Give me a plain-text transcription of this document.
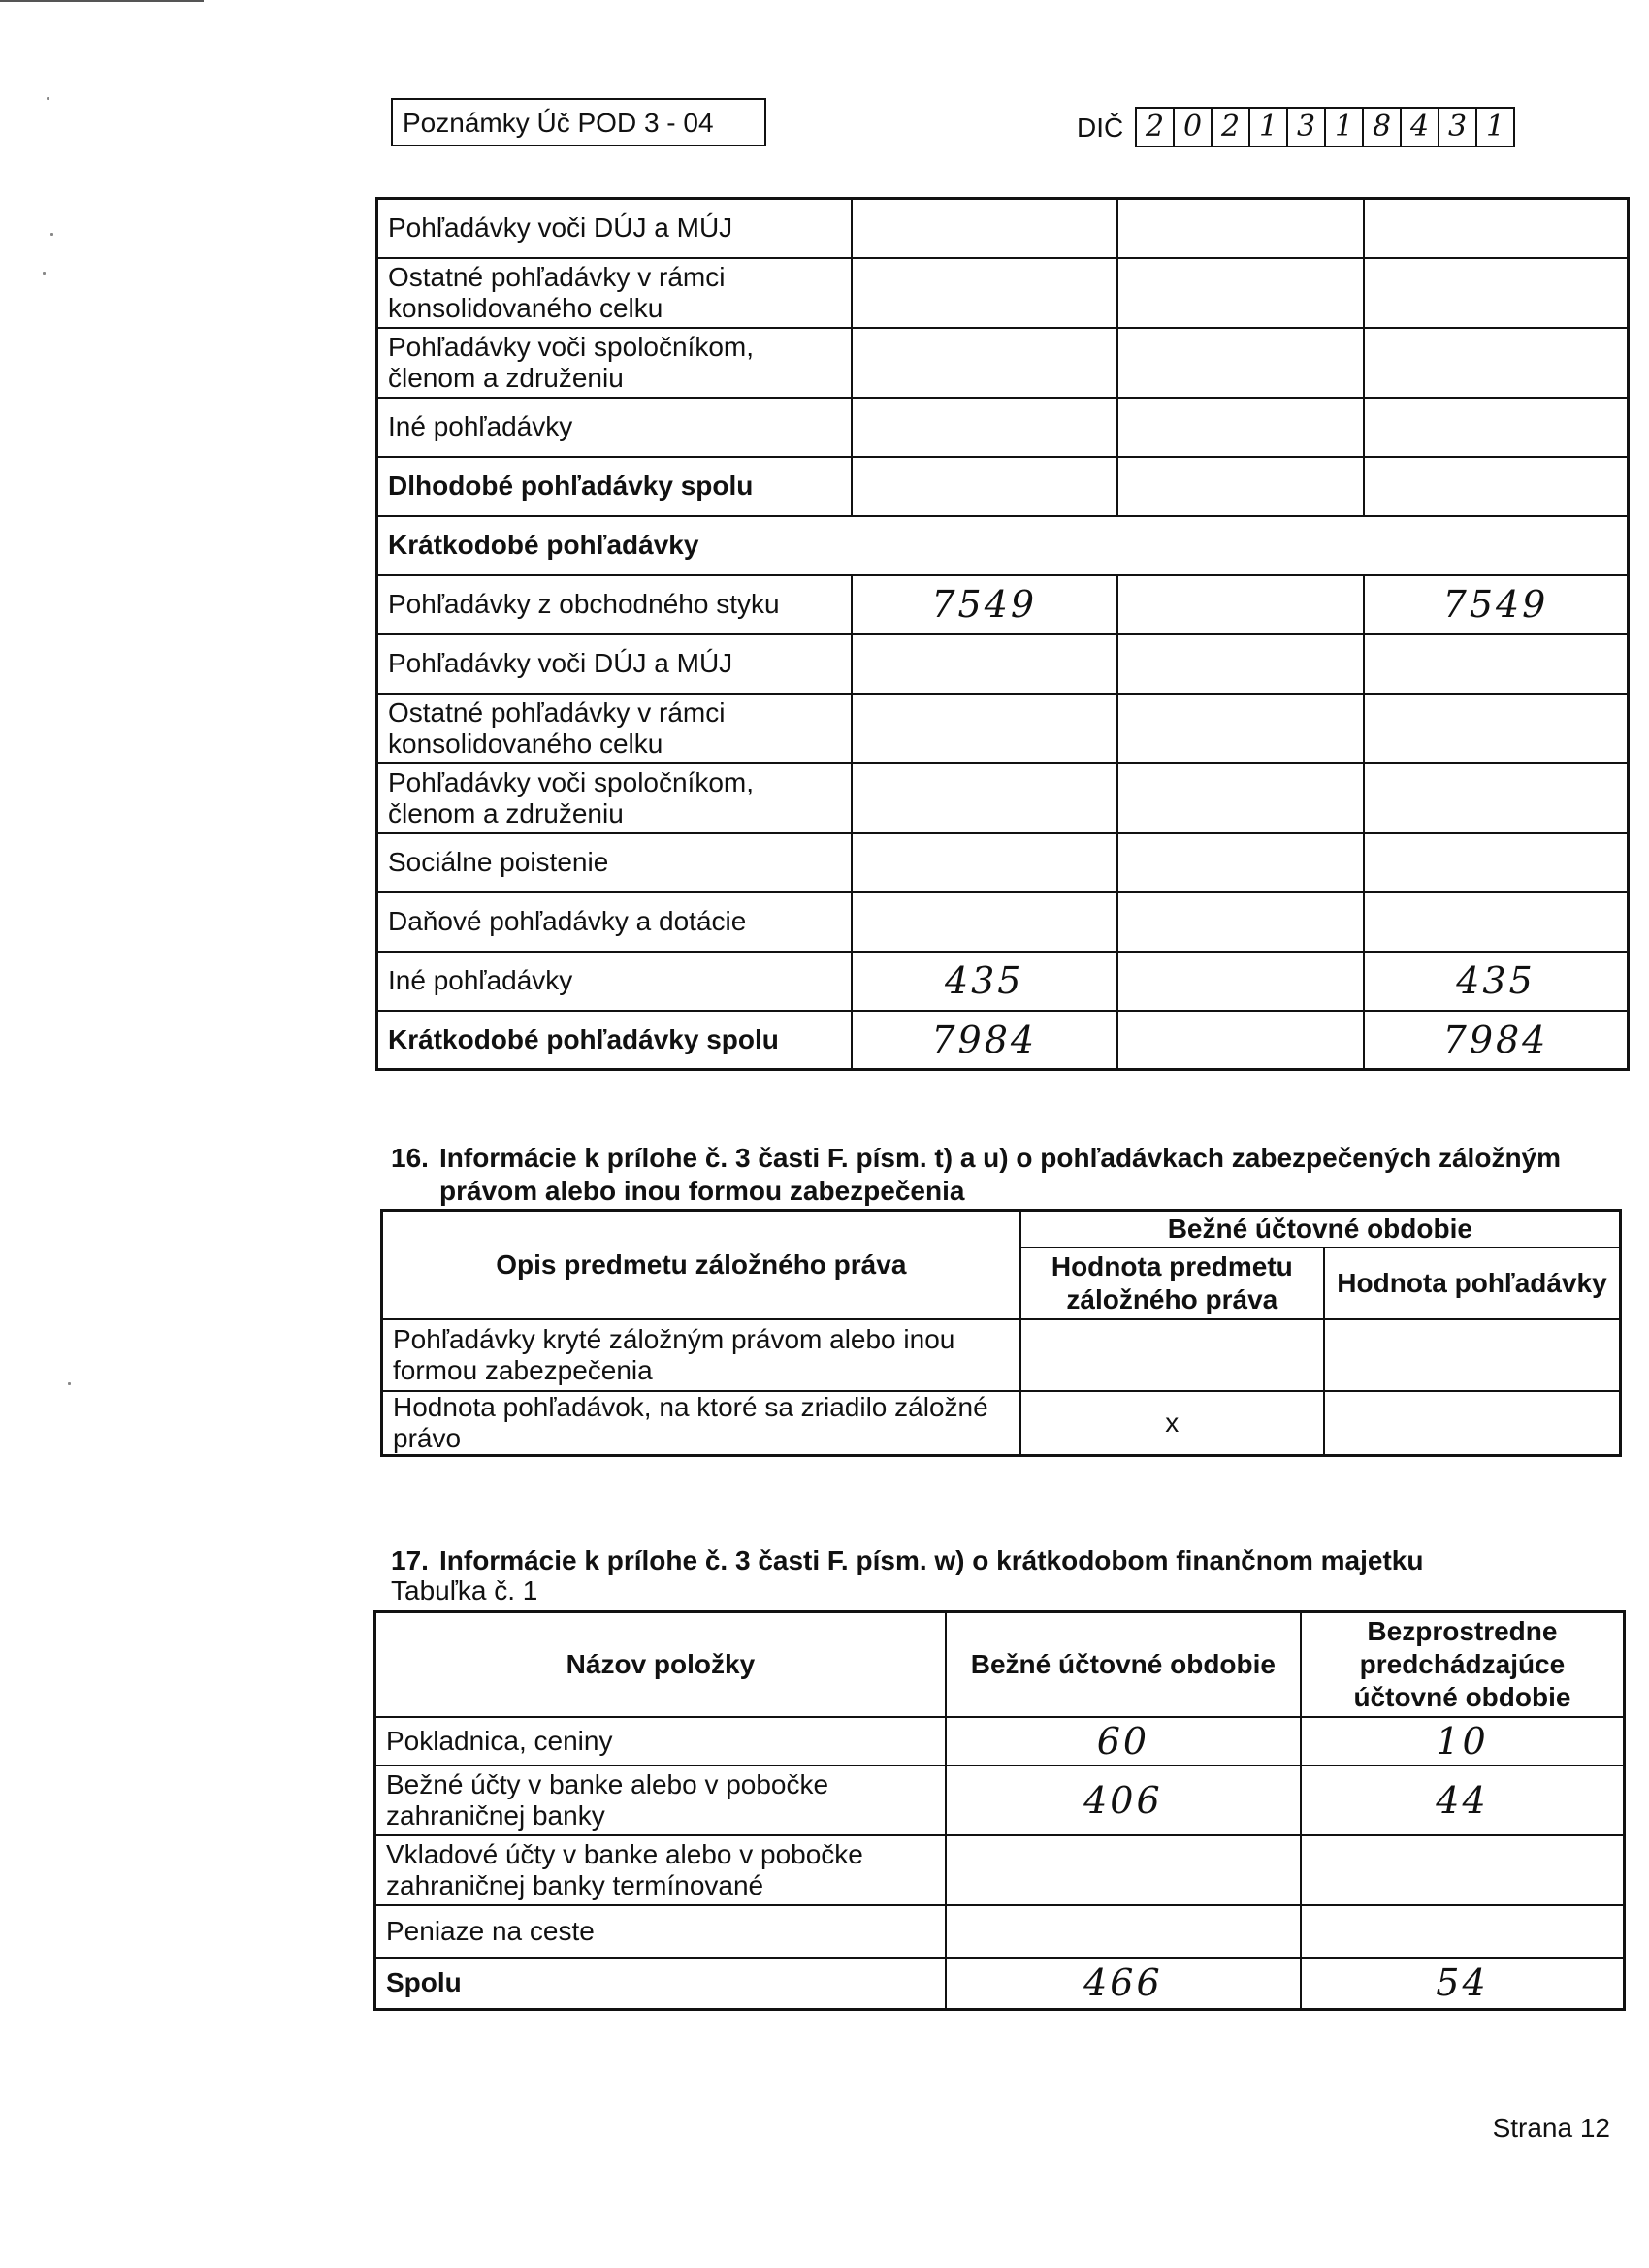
Poznámky Úč POD 3 - 04	DIČ 2 0 2 1 3 1 8 4 3 1
Pohľadávky voči DÚJ a MÚJ			
Ostatné pohľadávky v rámci konsolidovaného celku			
Pohľadávky voči spoločníkom, členom a združeniu			
Iné pohľadávky			
Dlhodobé pohľadávky spolu			
Krátkodobé pohľadávky			
Pohľadávky z obchodného styku	7549		7549
Pohľadávky voči DÚJ a MÚJ			
Ostatné pohľadávky v rámci konsolidovaného celku			
Pohľadávky voči spoločníkom, členom a združeniu			
Sociálne poistenie			
Daňové pohľadávky a dotácie			
Iné pohľadávky	435		435
Krátkodobé pohľadávky spolu	7984		7984
16. Informácie k prílohe č. 3 časti F. písm. t) a u) o pohľadávkach zabezpečených záložným právom alebo inou formou zabezpečenia
Opis predmetu záložného práva	Bežné účtovné obdobie	
	Hodnota predmetu záložného práva	Hodnota pohľadávky
Pohľadávky kryté záložným právom alebo inou formou zabezpečenia		
Hodnota pohľadávok, na ktoré sa zriadilo záložné právo	x	
17. Informácie k prílohe č. 3 časti F. písm. w) o krátkodobom finančnom majetku
Tabuľka č. 1
Názov položky	Bežné účtovné obdobie	Bezprostredne predchádzajúce účtovné obdobie
Pokladnica, ceniny	60	10
Bežné účty v banke alebo v pobočke zahraničnej banky	406	44
Vkladové účty v banke alebo v pobočke zahraničnej banky termínované		
Peniaze na ceste		
Spolu	466	54
Strana 12
